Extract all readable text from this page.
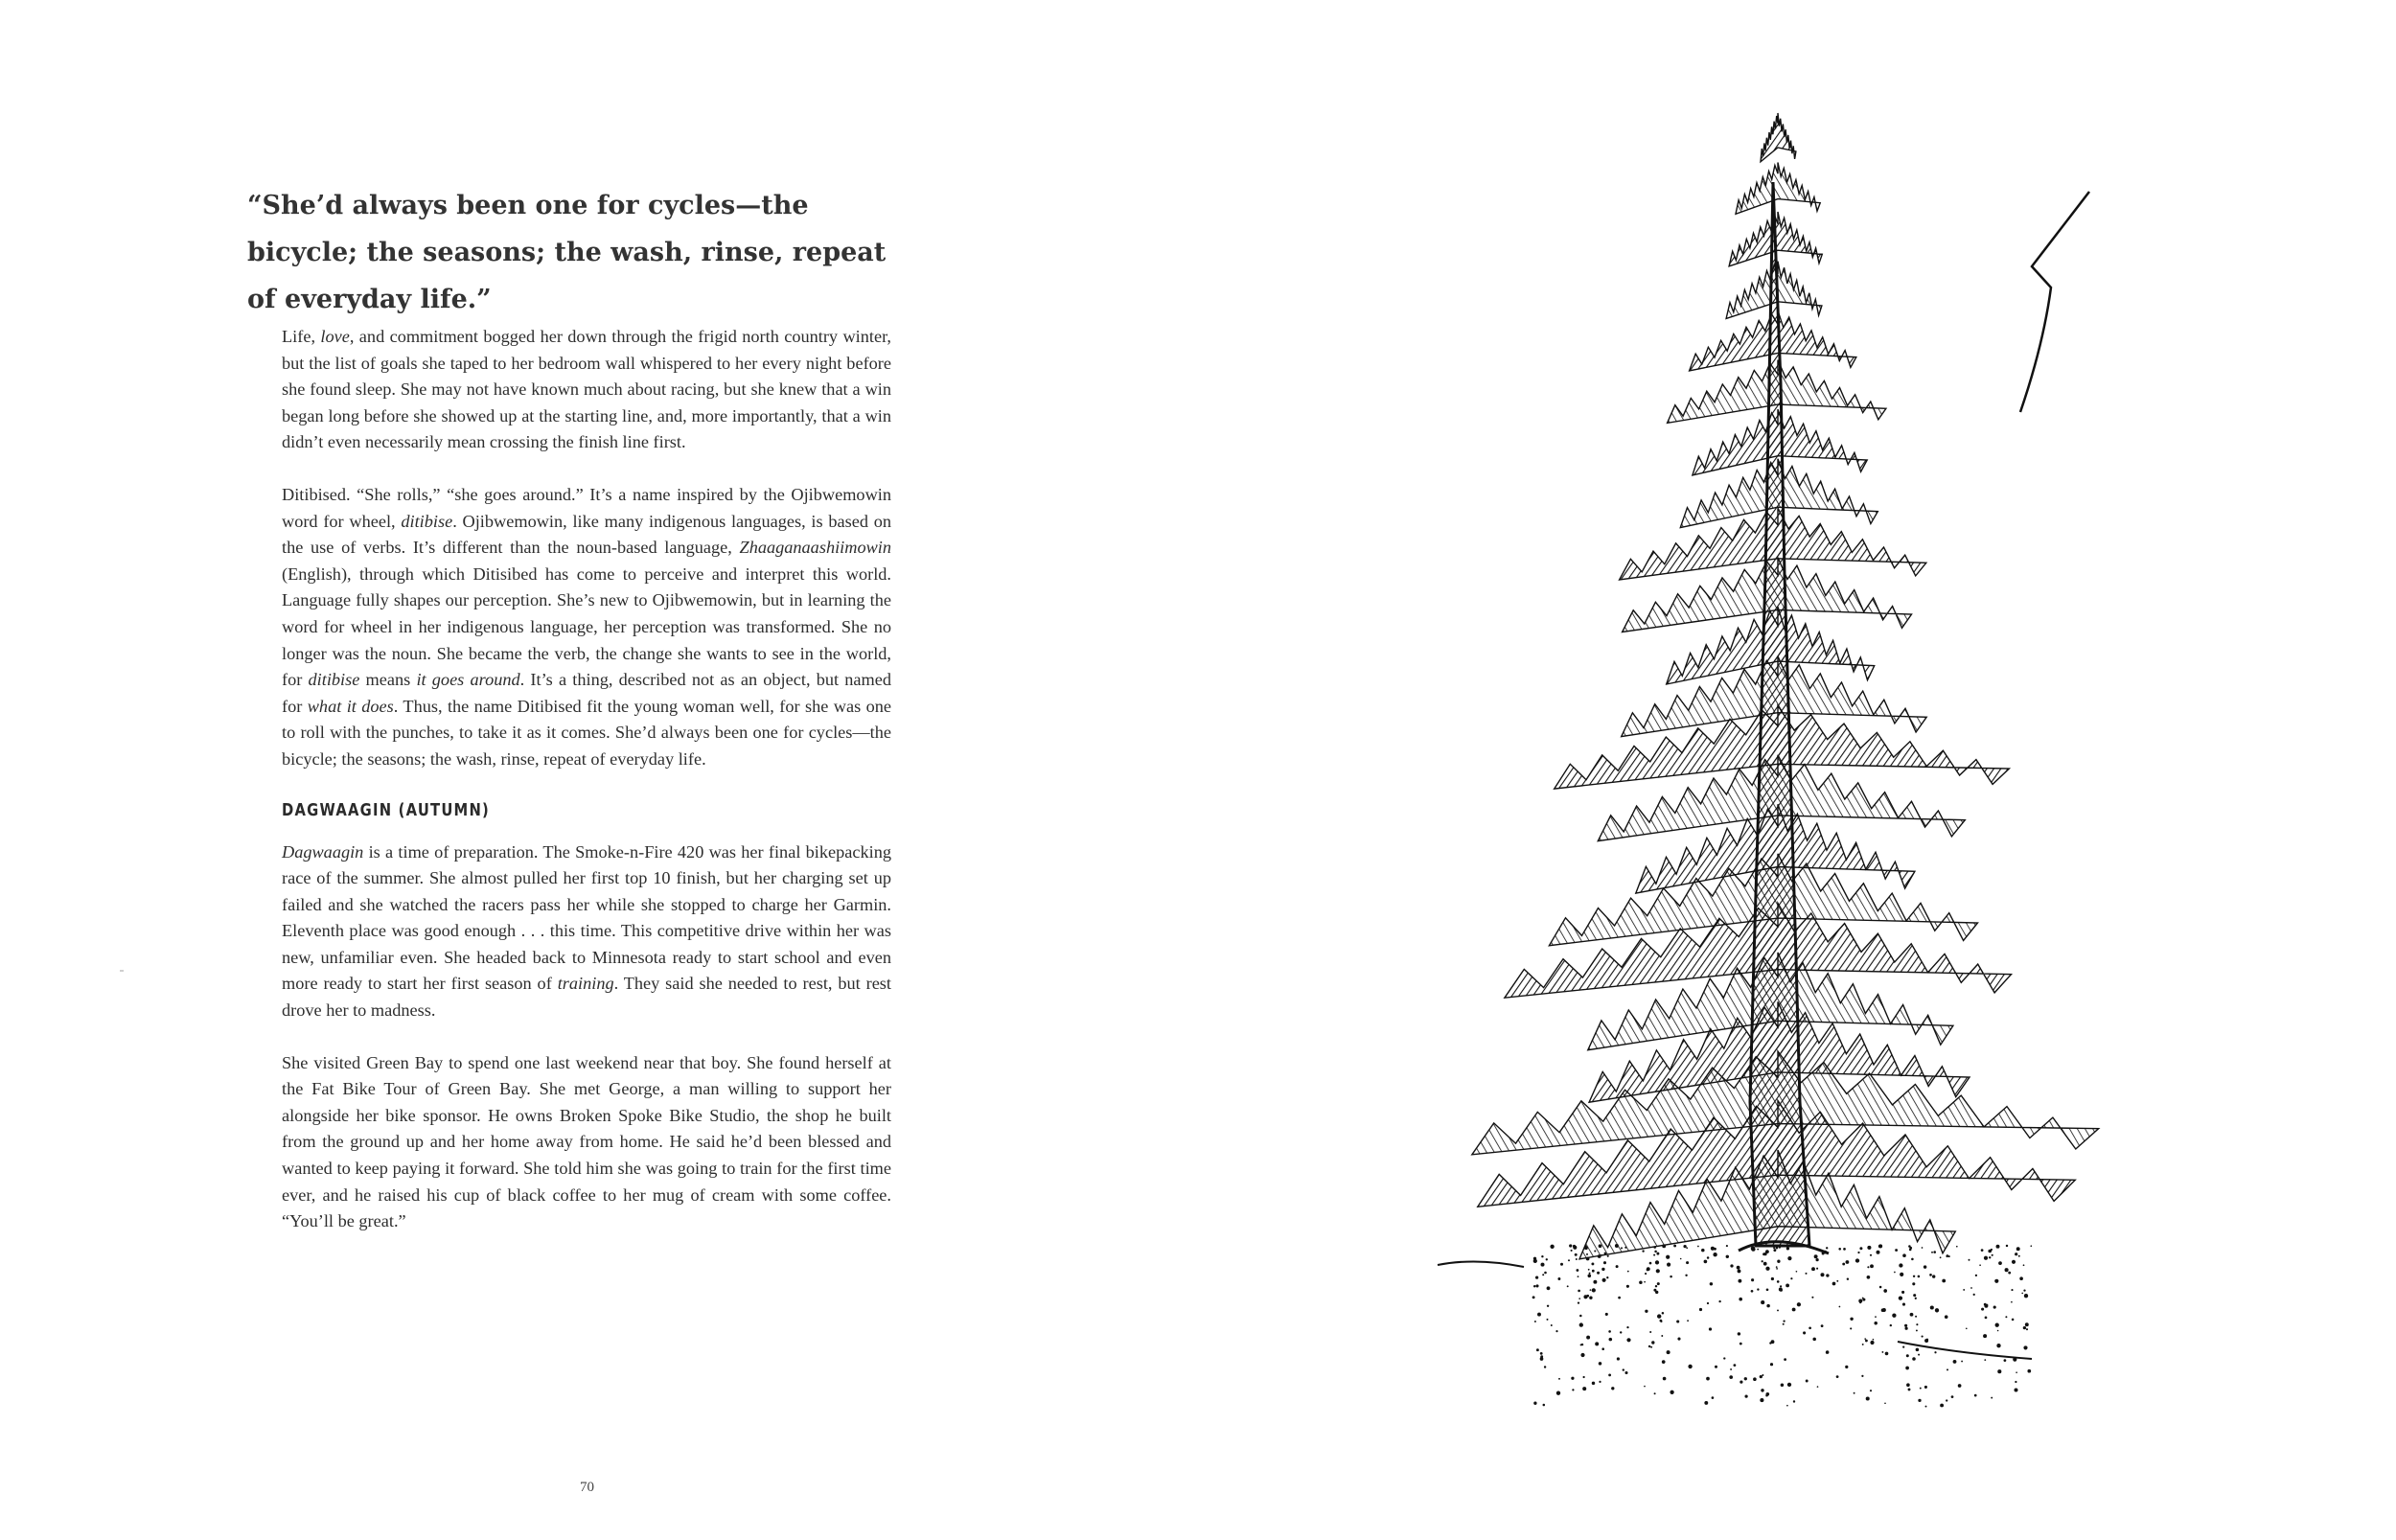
“She’d always been one for cycles—the bicycle; the seasons; the wash, rinse, repeat of everyday life.”

Life, love, and commitment bogged her down through the frigid north country winter, but the list of goals she taped to her bedroom wall whispered to her every night before she found sleep. She may not have known much about racing, but she knew that a win began long before she showed up at the starting line, and, more importantly, that a win didn’t even necessarily mean crossing the finish line first.

Ditibised. “She rolls,” “she goes around.” It’s a name inspired by the Ojibwemowin word for wheel, ditibise. Ojibwemowin, like many indigenous languages, is based on the use of verbs. It’s different than the noun-based language, Zhaaganaashiimowin (English), through which Ditisibed has come to perceive and interpret this world. Language fully shapes our perception. She’s new to Ojibwemowin, but in learning the word for wheel in her indigenous language, her perception was transformed. She no longer was the noun. She became the verb, the change she wants to see in the world, for ditibise means it goes around. It’s a thing, described not as an object, but named for what it does. Thus, the name Ditibised fit the young woman well, for she was one to roll with the punches, to take it as it comes. She’d always been one for cycles—the bicycle; the seasons; the wash, rinse, repeat of everyday life.

DAGWAAGIN (AUTUMN)

Dagwaagin is a time of preparation. The Smoke-n-Fire 420 was her final bikepacking race of the summer. She almost pulled her first top 10 finish, but her charging set up failed and she watched the racers pass her while she stopped to charge her Garmin. Eleventh place was good enough . . . this time. This competitive drive within her was new, unfamiliar even. She headed back to Minnesota ready to start school and even more ready to start her first season of training. They said she needed to rest, but rest drove her to madness.

She visited Green Bay to spend one last weekend near that boy. She found herself at the Fat Bike Tour of Green Bay. She met George, a man willing to support her alongside her bike sponsor. He owns Broken Spoke Bike Studio, the shop he built from the ground up and her home away from home. He said he’d been blessed and wanted to keep paying it forward. She told him she was going to train for the first time ever, and he raised his cup of black coffee to her mug of cream with some coffee. “You’ll be great.”

70
